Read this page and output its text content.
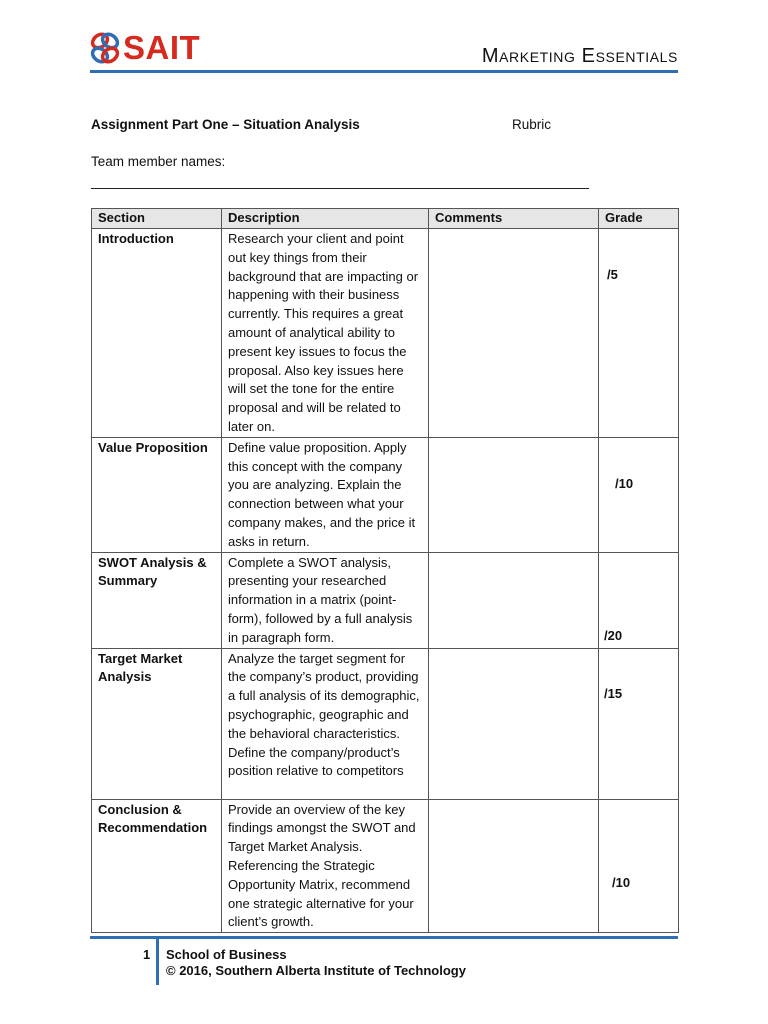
SAIT	Marketing Essentials
Assignment Part One – Situation Analysis	Rubric
Team member names:
Section	Description	Comments	Grade
Introduction	Research your client and point out key things from their background that are impacting or happening with their business currently. This requires a great amount of analytical ability to present key issues to focus the proposal. Also key issues here will set the tone for the entire proposal and will be related to later on.		/5

Value Proposition	Define value proposition. Apply this concept with the company you are analyzing. Explain the connection between what your company makes, and the price it asks in return.		/10

SWOT Analysis & Summary	Complete a SWOT analysis, presenting your researched information in a matrix (point-form), followed by a full analysis in paragraph form.		/20

Target Market Analysis	Analyze the target segment for the company’s product, providing a full analysis of its demographic, psychographic, geographic and the behavioral characteristics. Define the company/product’s position relative to competitors		/15

Conclusion & Recommendation	Provide an overview of the key findings amongst the SWOT and Target Market Analysis. Referencing the Strategic Opportunity Matrix, recommend one strategic alternative for your client’s growth.		/10
1 School of Business
© 2016, Southern Alberta Institute of Technology
